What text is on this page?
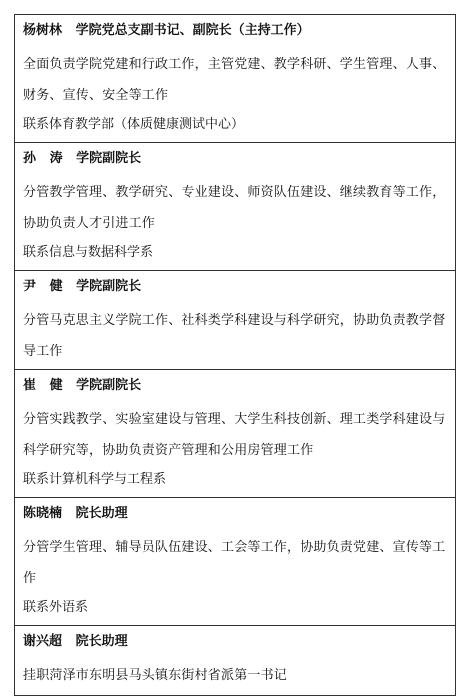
杨树林   学院党总支副书记、副院长（主持工作）
全面负责学院党建和行政工作，主管党建、教学科研、学生管理、人事、财务、宣传、安全等工作
联系体育教学部（体质健康测试中心）
孙   涛   学院副院长
分管教学管理、教学研究、专业建设、师资队伍建设、继续教育等工作，协助负责人才引进工作
联系信息与数据科学系
尹   健   学院副院长
分管马克思主义学院工作、社科类学科建设与科学研究，协助负责教学督导工作
崔   健   学院副院长
分管实践教学、实验室建设与管理、大学生科技创新、理工类学科建设与科学研究等，协助负责资产管理和公用房管理工作
联系计算机科学与工程系
陈晓楠   院长助理
分管学生管理、辅导员队伍建设、工会等工作，协助负责党建、宣传等工作
联系外语系
谢兴超   院长助理
挂职菏泽市东明县马头镇东街村省派第一书记
